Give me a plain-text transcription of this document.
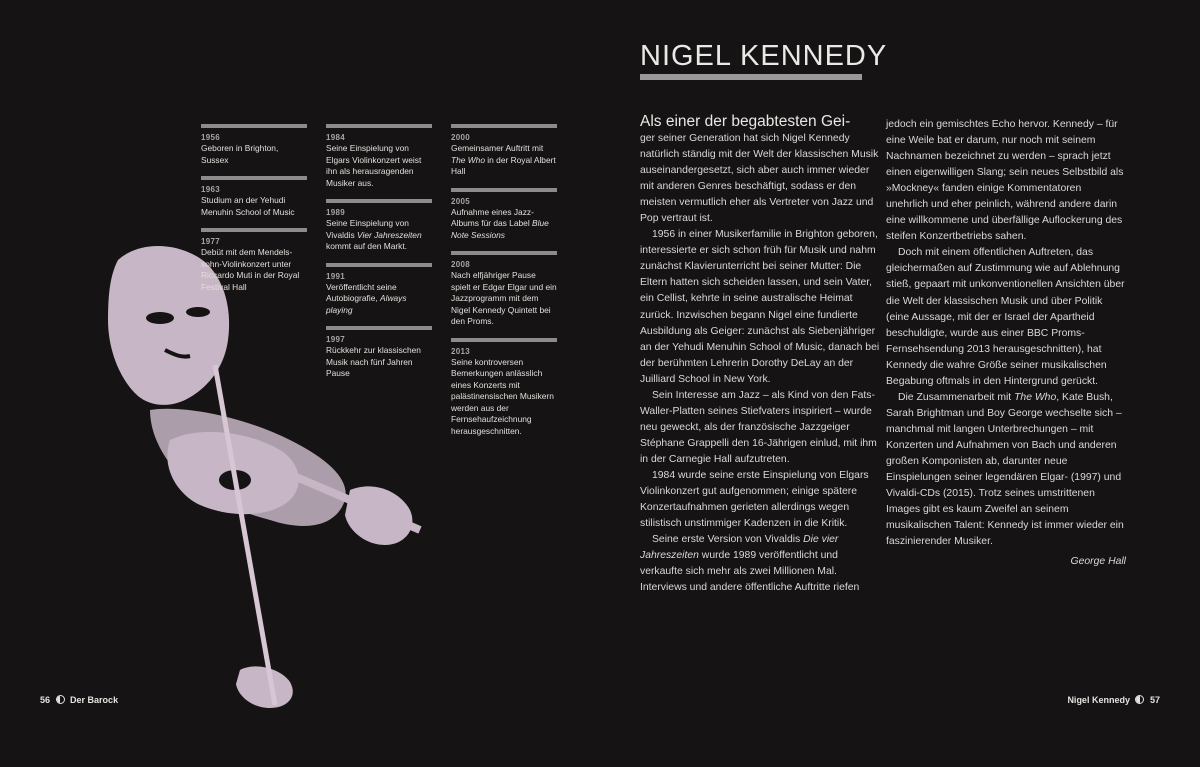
1956
Geboren in Brighton, Sussex
1963
Studium an der Yehudi Menuhin School of Music
1977
Debüt mit dem Mendels-sohn-Violinkonzert unter Riccardo Muti in der Royal Festival Hall
1984
Seine Einspielung von Elgars Violinkonzert weist ihn als herausragenden Musiker aus.
1989
Seine Einspielung von Vivaldis Vier Jahreszeiten kommt auf den Markt.
1991
Veröffentlicht seine Autobiografie, Always playing
1997
Rückkehr zur klassischen Musik nach fünf Jahren Pause
2000
Gemeinsamer Auftritt mit The Who in der Royal Albert Hall
2005
Aufnahme eines Jazz-Albums für das Label Blue Note Sessions
2008
Nach elfjähriger Pause spielt er Edgar Elgar und ein Jazzprogramm mit dem Nigel Kennedy Quintett bei den Proms.
2013
Seine kontroversen Bemerkungen anlässlich eines Konzerts mit palästinensischen Musikern werden aus der Fernsehaufzeichnung herausgeschnitten.
NIGEL KENNEDY

Als einer der begabtesten Gei-
ger seiner Generation hat sich Nigel Kennedy natürlich ständig mit der Welt der klassischen Musik auseinandergesetzt, sich aber auch immer wieder mit anderen Genres beschäftigt, sodass er den meisten vermutlich eher als Vertreter von Jazz und Pop vertraut ist.

1956 in einer Musikerfamilie in Brighton geboren, interessierte er sich schon früh für Musik und nahm zunächst Klavierunterricht bei seiner Mutter: Die Eltern hatten sich scheiden lassen, und sein Vater, ein Cellist, kehrte in seine australische Heimat zurück. Inzwischen begann Nigel eine fundierte Ausbildung als Geiger: zunächst als Siebenjähriger an der Yehudi Menuhin School of Music, danach bei der berühmten Lehrerin Dorothy DeLay an der Juilliard School in New York.

Sein Interesse am Jazz – als Kind von den Fats-Waller-Platten seines Stiefvaters inspiriert – wurde neu geweckt, als der französische Jazzgeiger Stéphane Grappelli den 16-Jährigen einlud, mit ihm in der Carnegie Hall aufzutreten.

1984 wurde seine erste Einspielung von Elgars Violinkonzert gut aufgenommen; einige spätere Konzertaufnahmen gerieten allerdings wegen stilistisch unstimmiger Kadenzen in die Kritik.

Seine erste Version von Vivaldis Die vier Jahreszeiten wurde 1989 veröffentlicht und verkaufte sich mehr als zwei Millionen Mal. Interviews und andere öffentliche Auftritte riefen

jedoch ein gemischtes Echo hervor. Kennedy – für eine Weile bat er darum, nur noch mit seinem Nachnamen bezeichnet zu werden – sprach jetzt einen eigenwilligen Slang; sein neues Selbstbild als »Mockney« fanden einige Kommentatoren unehrlich und eher peinlich, während andere darin eine willkommene und überfällige Auflockerung des steifen Konzertbetriebs sahen.

Doch mit einem öffentlichen Auftreten, das gleichermaßen auf Zustimmung wie auf Ablehnung stieß, gepaart mit unkonventionellen Ansichten über die Welt der klassischen Musik und über Politik (eine Aussage, mit der er Israel der Apartheid beschuldigte, wurde aus einer BBC Proms-Fernsehsendung 2013 herausgeschnitten), hat Kennedy die wahre Größe seiner musikalischen Begabung oftmals in den Hintergrund gerückt.

Die Zusammenarbeit mit The Who, Kate Bush, Sarah Brightman und Boy George wechselte sich – manchmal mit langen Unterbrechungen – mit Konzerten und Aufnahmen von Bach und anderen großen Komponisten ab, darunter neue Einspielungen seiner legendären Elgar- (1997) und Vivaldi-CDs (2015). Trotz seines umstrittenen Images gibt es kaum Zweifel an seinem musikalischen Talent: Kennedy ist immer wieder ein faszinierender Musiker.

George Hall

56 Der Barock	Nigel Kennedy 57
